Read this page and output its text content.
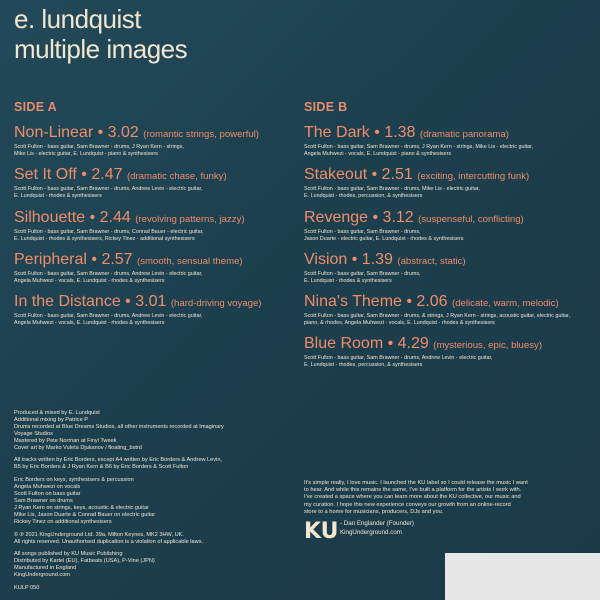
e. lundquist
multiple images
SIDE A	SIDE B
Non-Linear • 3.02 (romantic strings, powerful)
Scott Fulton - bass guitar, Sam Brawner - drums, J Ryan Kern - strings,
Mike Lis - electric guitar, E. Lundquist - piano & synthesisers
Set It Off • 2.47 (dramatic chase, funky)
Scott Fulton - bass guitar, Sam Brawner - drums, Andrew Levin - electric guitar,
E. Lundquist - rhodes & synthesisers
Silhouette • 2.44 (revolving patterns, jazzy)
Scott Fulton - bass guitar, Sam Brawner - drums, Conrad Bauer - electric guitar,
E. Lundquist - rhodes & synthesisers, Rickey Tinez - additional synthesisers
Peripheral • 2.57 (smooth, sensual theme)
Scott Fulton - bass guitar, Sam Brawner - drums, Andrew Levin - electric guitar,
Angela Muhwezi - vocals, E. Lundquist - rhodes & synthesisers
In the Distance • 3.01 (hard-driving voyage)
Scott Fulton - bass guitar, Sam Brawner - drums, Andrew Levin - electric guitar,
Angela Muhwezi - vocals, E. Lundquist - rhodes & synthesisers
The Dark • 1.38 (dramatic panorama)
Scott Fulton - bass guitar, Sam Brawner - drums, J Ryan Kern - strings, Mike Lis - electric guitar,
Angela Muhwezi - vocals, E. Lundquist - piano & synthesisers
Stakeout • 2.51 (exciting, intercutting funk)
Scott Fulton - bass guitar, Sam Brawner - drums, Mike Lis - electric guitar,
E. Lundquist - rhodes, percussion, & synthesisers
Revenge • 3.12 (suspenseful, conflicting)
Scott Fulton - bass guitar, Sam Brawner - drums,
Jason Duarte - electric guitar, E. Lundquist - rhodes & synthesisers
Vision • 1.39 (abstract, static)
Scott Fulton - bass guitar, Sam Brawner - drums,
E. Lundquist - rhodes & synthesisers
Nina's Theme • 2.06 (delicate, warm, melodic)
Scott Fulton - bass guitar, Sam Brawner - drums, & strings, J Ryan Kern - strings, acoustic guitar, electric guitar,
piano, & rhodes, Angela Muhwezi - vocals, E. Lundquist - rhodes & synthesisers
Blue Room • 4.29 (mysterious, epic, bluesy)
Scott Fulton - bass guitar, Sam Brawner - drums, Andrew Levin - electric guitar,
E. Lundquist - rhodes, percussion, & synthesisers
Produced & mixed by E. Lundquist
Additional mixing by Patrice P
Drums recorded at Blue Dreams Studios, all other instruments recorded at Imaginary
Voyage Studios
Mastered by Pete Norman at Finyl Tweek
Cover art by Marko Vuleta Djukanov / floating_bstrd
All tracks written by Eric Borders, except A4 written by Eric Borders & Andrew Levin,
B5 by Eric Borders & J Ryan Kern & B6 by Eric Borders & Scott Fulton
Eric Borders on keys, synthesisers & percussion
Angela Muhwezi on vocals
Scott Fulton on bass guitar
Sam Brawner on drums
J Ryan Kern on strings, keys, acoustic & electric guitar
Mike Lis, Jason Duarte & Conrad Bauer on electric guitar
Rickey Tinez on additional synthesisers
© ℗ 2021 KingUnderground Ltd. 39a, Milton Keynes, MK2 3HW, UK.
All rights reserved. Unauthorised duplication is a violation of applicable laws.
All songs published by KU Music Publishing
Distributed by Kartel (EU), Fatbeats (USA), P-Vine (JPN)
Manufactured in England
KingUnderground.com
KULP 050
It's simple really, I love music. I launched the KU label so I could release the music I want
to hear. And while this remains the same, I've built a platform for the artists I work with.
I've created a space where you can learn more about the KU collective, our music and
my curation. I hope this new experience conveys our growth from an online-record
store to a home for musicians, producers, DJs and you.
KU - Dan Englander (Founder)
KingUnderground.com
